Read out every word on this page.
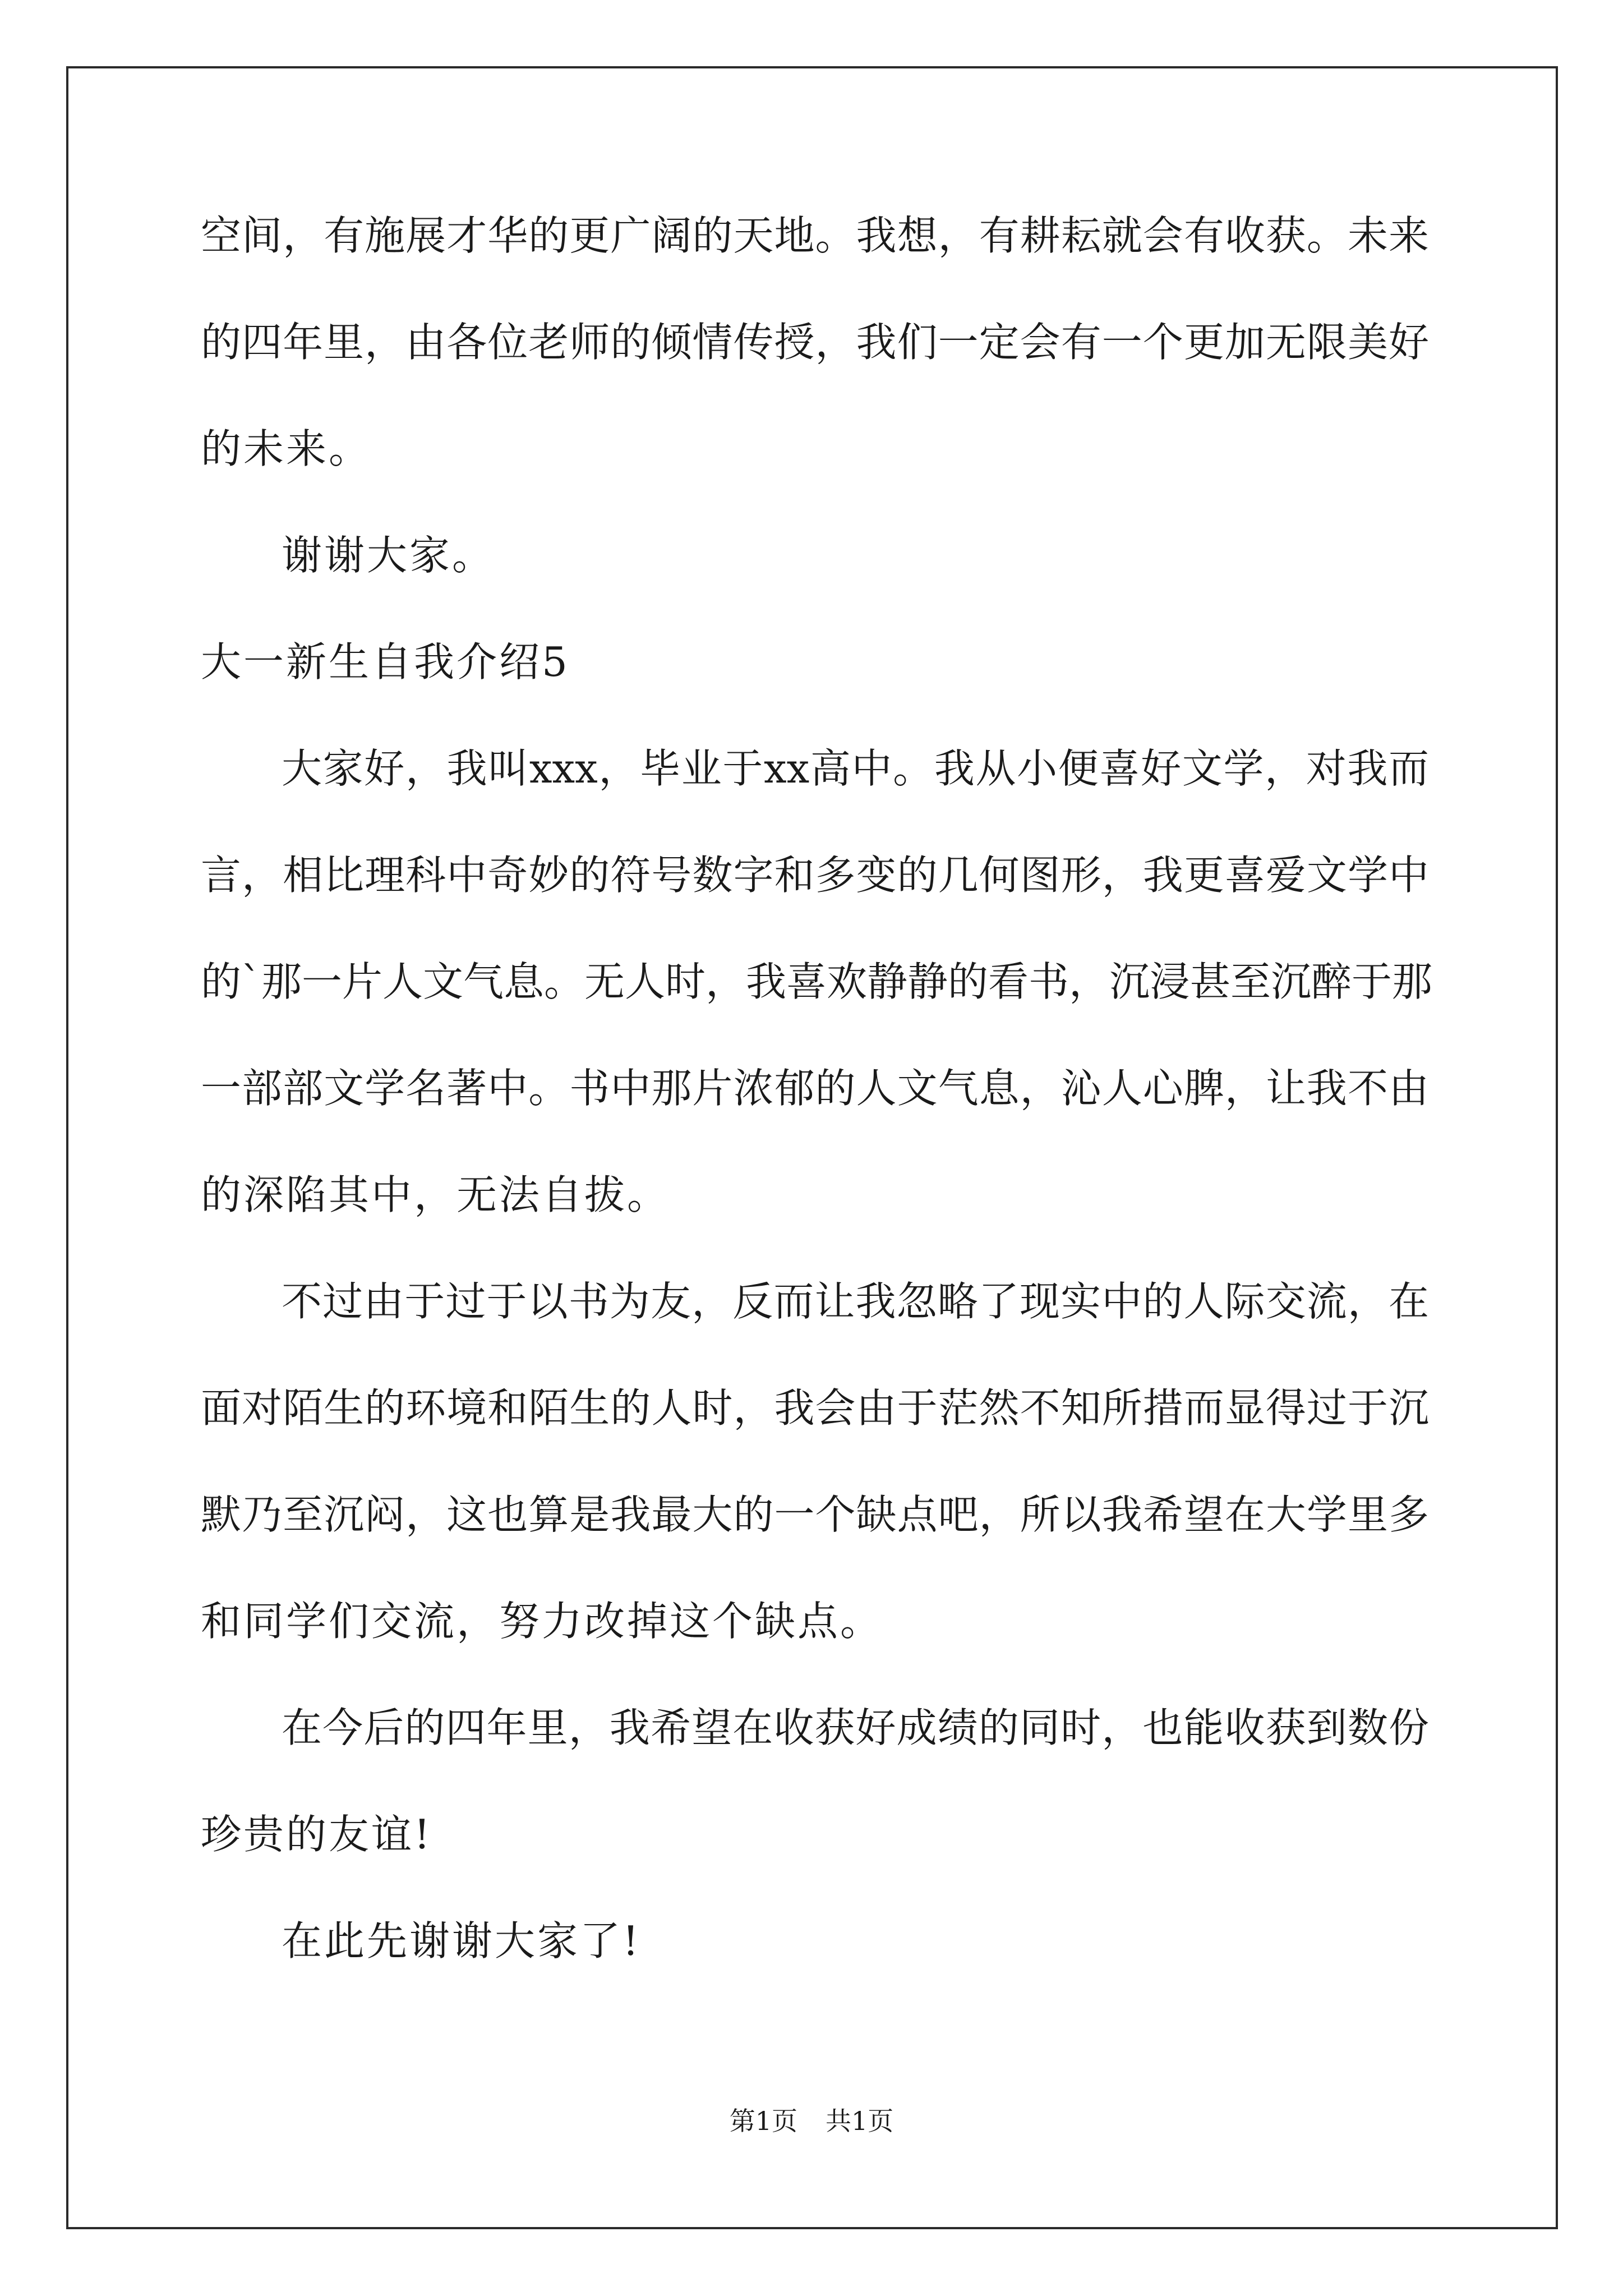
空间，有施展才华的更广阔的天地。我想，有耕耘就会有收获。未来
的四年里，由各位老师的倾情传授，我们一定会有一个更加无限美好
的未来。
谢谢大家。
大一新生自我介绍5
大家好，我叫xxx，毕业于xx高中。我从小便喜好文学，对我而
言，相比理科中奇妙的符号数字和多变的几何图形，我更喜爱文学中
的`那一片人文气息。无人时，我喜欢静静的看书，沉浸甚至沉醉于那
一部部文学名著中。书中那片浓郁的人文气息，沁人心脾，让我不由
的深陷其中，无法自拔。
不过由于过于以书为友，反而让我忽略了现实中的人际交流，在
面对陌生的环境和陌生的人时，我会由于茫然不知所措而显得过于沉
默乃至沉闷，这也算是我最大的一个缺点吧，所以我希望在大学里多
和同学们交流，努力改掉这个缺点。
在今后的四年里，我希望在收获好成绩的同时，也能收获到数份
珍贵的友谊!
在此先谢谢大家了!
第1页 共1页
